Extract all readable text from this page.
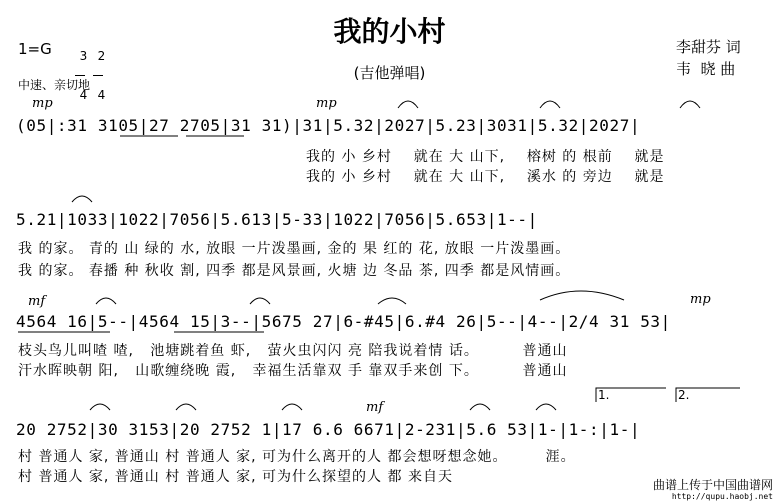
我的小村
(吉他弹唱)
李甜芬 词
韦  晓 曲
1=G	3

4

2

4

中速、亲切地
mp	mp
mf	mp
mf
(05|:31 3105|27 2705|31 31)|31|5.32|2027|5.23|3031|5.32|2027|
我的 小 乡村    就在 大 山下,    榕树 的 根前    就是
我的 小 乡村    就在 大 山下,    溪水 的 旁边    就是
5.21|1033|1022|7056|5.613|5-33|1022|7056|5.653|1--|
我 的家。 青的 山 绿的 水, 放眼 一片泼墨画, 金的 果 红的 花, 放眼 一片泼墨画。
我 的家。 春播 种 秋收 割, 四季 都是风景画, 火塘 边 冬品 茶, 四季 都是风情画。
4564 16|5--|4564 15|3--|5675 27|6-#45|6.#4 26|5--|4--|2/4 31 53|
枝头鸟儿叫喳 喳,   池塘跳着鱼 虾,   萤火虫闪闪 亮 陪我说着情 话。        普通山
汗水晖映朝 阳,   山歌缠绕晚 霞,   幸福生活靠双 手 靠双手来创 下。        普通山
1.	2.
20 2752|30 3153|20 2752 1|17 6.6 6671|2-231|5.6 53|1-|1-:|1-|
村 普通人 家, 普通山 村 普通人 家, 可为什么离开的人 都会想呀想念她。       涯。
村 普通人 家, 普通山 村 普通人 家, 可为什么探望的人 都 来自天	曲谱上传于中国曲谱网
http://qupu.haobj.net
